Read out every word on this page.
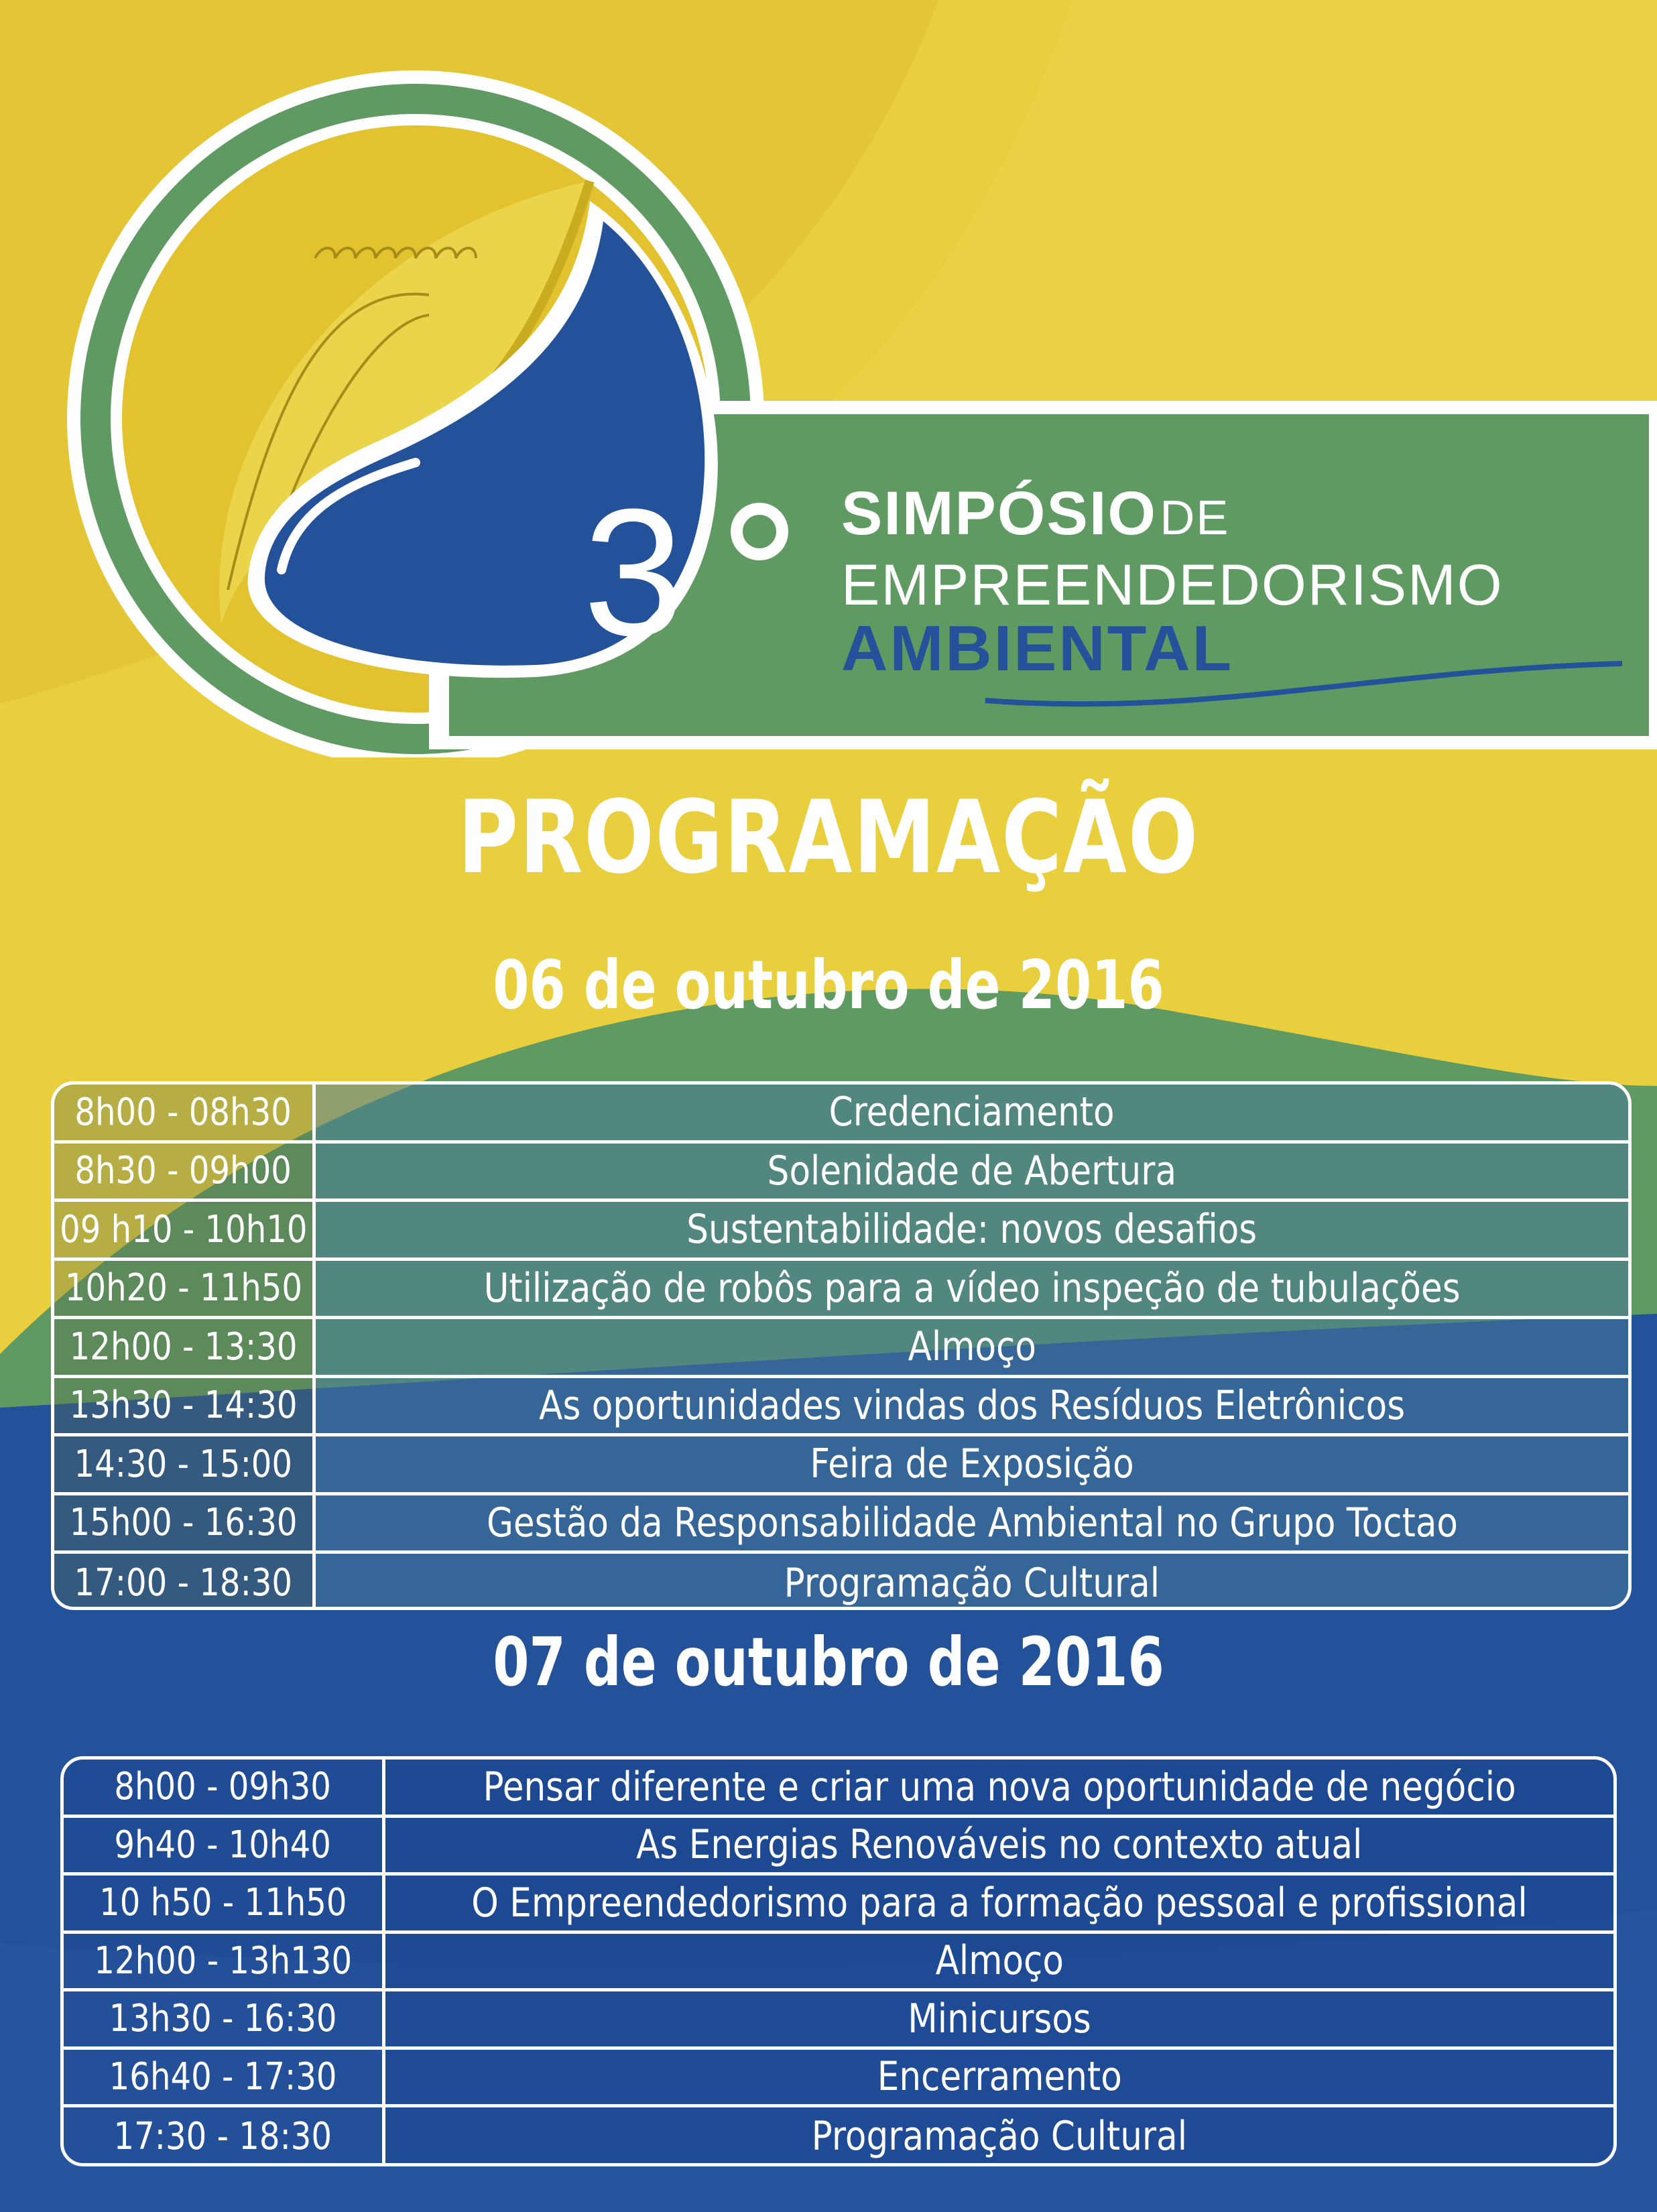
3	SIMPÓSIO DE
EMPREENDEDORISMO
AMBIENTAL
PROGRAMAÇÃO
06 de outubro de 2016
8h00 - 08h30	Credenciamento
8h30 - 09h00	Solenidade de Abertura
09 h10 - 10h10	Sustentabilidade: novos desafios
10h20 - 11h50	Utilização de robôs para a vídeo inspeção de tubulações
12h00 - 13:30	Almoço
13h30 - 14:30	As oportunidades vindas dos Resíduos Eletrônicos
14:30 - 15:00	Feira de Exposição
15h00 - 16:30	Gestão da Responsabilidade Ambiental no Grupo Toctao
17:00 - 18:30	Programação Cultural
07 de outubro de 2016
8h00 - 09h30	Pensar diferente e criar uma nova oportunidade de negócio
9h40 - 10h40	As Energias Renováveis no contexto atual
10 h50 - 11h50	O Empreendedorismo para a formação pessoal e profissional
12h00 - 13h130	Almoço
13h30 - 16:30	Minicursos
16h40 - 17:30	Encerramento
17:30 - 18:30	Programação Cultural
